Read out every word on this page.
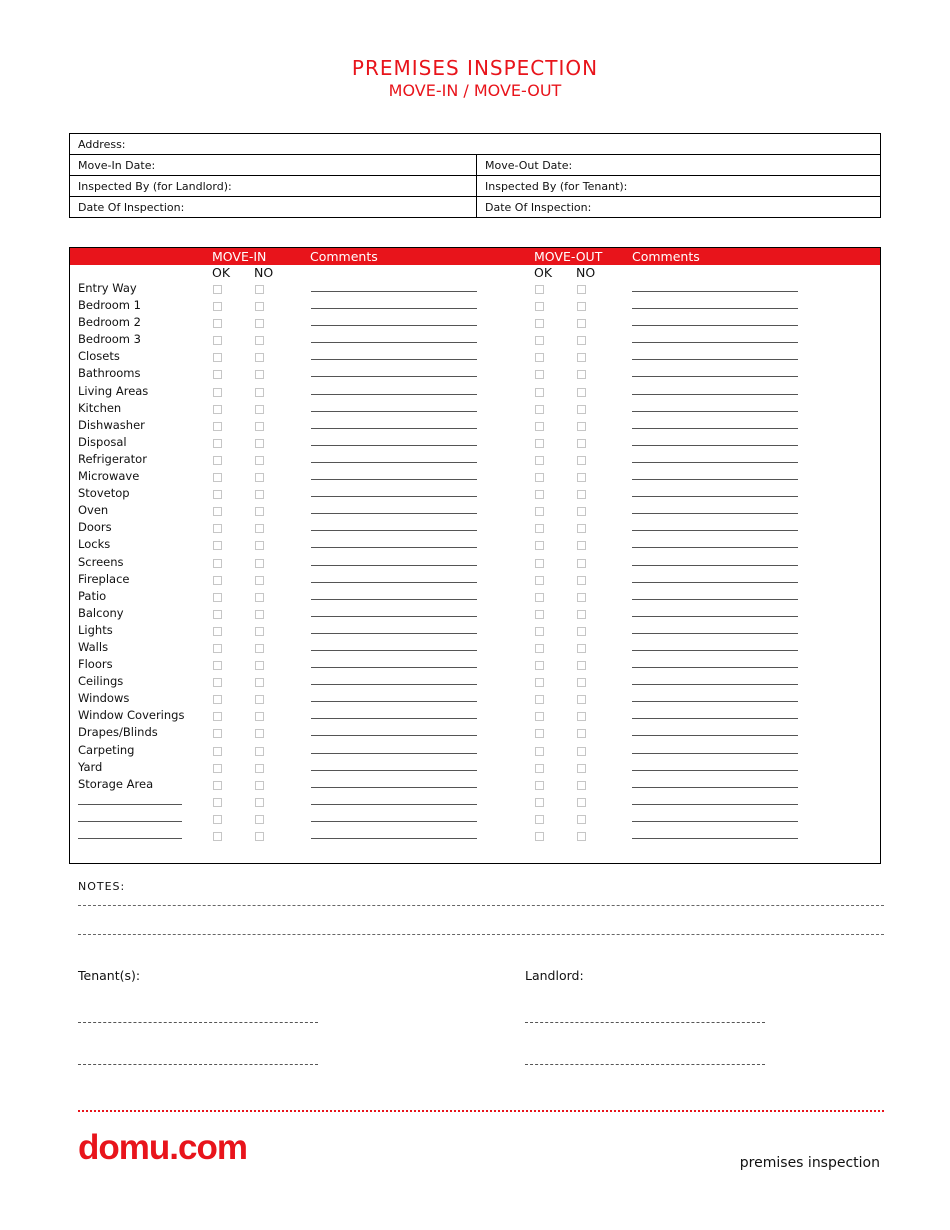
PREMISES INSPECTION
MOVE-IN / MOVE-OUT
Address:	
Move-In Date:	Move-Out Date:
Inspected By (for Landlord):	Inspected By (for Tenant):
Date Of Inspection:	Date Of Inspection:
MOVE-IN	Comments	MOVE-OUT Comments
OK NO	OK NO
Entry Way
Bedroom 1
Bedroom 2
Bedroom 3
Closets
Bathrooms
Living Areas
Kitchen
Dishwasher
Disposal
Refrigerator
Microwave
Stovetop
Oven
Doors
Locks
Screens
Fireplace
Patio
Balcony
Lights
Walls
Floors
Ceilings
Windows
Window Coverings
Drapes/Blinds
Carpeting
Yard
Storage Area
NOTES:
Tenant(s):	Landlord:
domu.com	premises inspection
